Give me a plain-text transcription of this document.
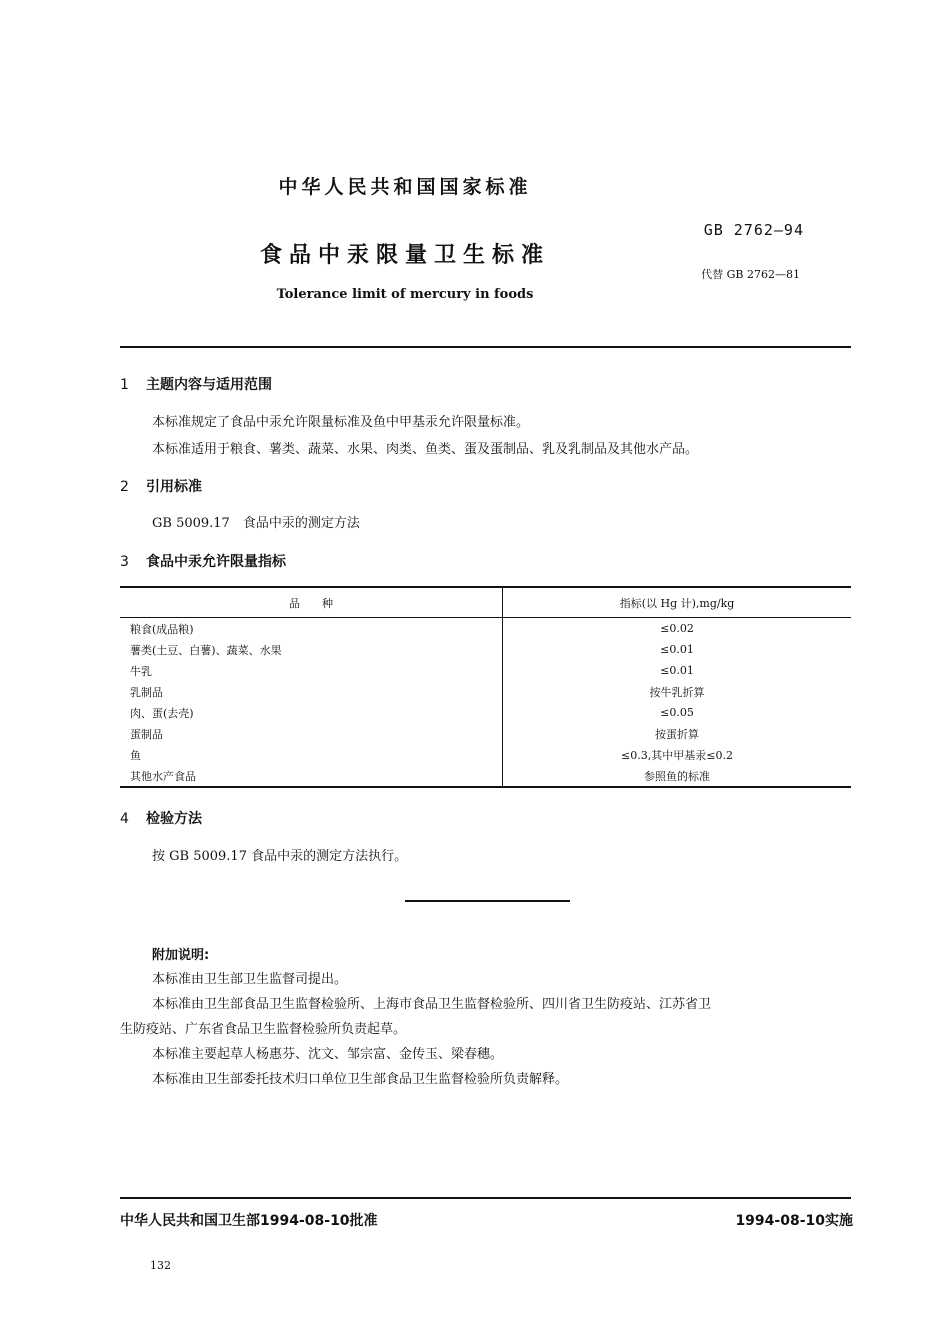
中华人民共和国国家标准
GB 2762—94
食品中汞限量卫生标准
代替 GB 2762—81
Tolerance limit of mercury in foods
1 主题内容与适用范围
本标准规定了食品中汞允许限量标准及鱼中甲基汞允许限量标准。
本标准适用于粮食、薯类、蔬菜、水果、肉类、鱼类、蛋及蛋制品、乳及乳制品及其他水产品。
2 引用标准
GB 5009.17　食品中汞的测定方法
3 食品中汞允许限量指标
品　　种	指标(以 Hg 计),mg/kg
粮食(成品粮)	≤0.02
薯类(土豆、白薯)、蔬菜、水果	≤0.01
牛乳	≤0.01
乳制品	按牛乳折算
肉、蛋(去壳)	≤0.05
蛋制品	按蛋折算
鱼	≤0.3,其中甲基汞≤0.2
其他水产食品	参照鱼的标准
4 检验方法
按 GB 5009.17 食品中汞的测定方法执行。
附加说明:
本标准由卫生部卫生监督司提出。
本标准由卫生部食品卫生监督检验所、上海市食品卫生监督检验所、四川省卫生防疫站、江苏省卫
生防疫站、广东省食品卫生监督检验所负责起草。
本标准主要起草人杨惠芬、沈文、邹宗富、金传玉、梁春穗。
本标准由卫生部委托技术归口单位卫生部食品卫生监督检验所负责解释。
中华人民共和国卫生部1994-08-10批准	1994-08-10实施
132
